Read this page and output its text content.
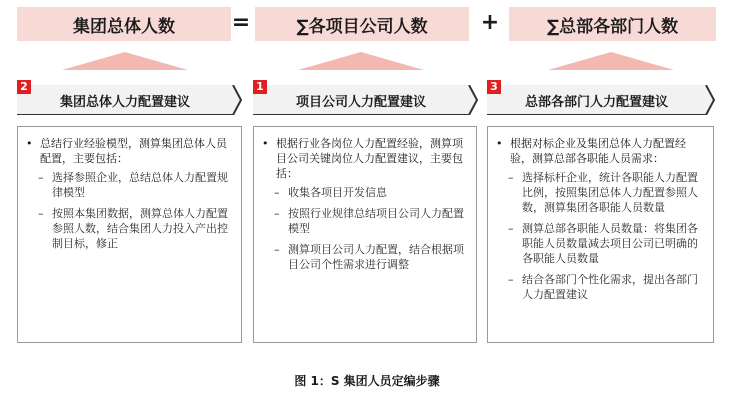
集团总体人数	=	∑各项目公司人数 +	∑总部各部门人数
集团总体人力配置建议
2
• 总结行业经验模型，测算集团总体人员配置，主要包括：
– 选择参照企业，总结总体人力配置规律模型
– 按照本集团数据，测算总体人力配置参照人数，结合集团人力投入产出控制目标，修正
项目公司人力配置建议
1
• 根据行业各岗位人力配置经验，测算项目公司关键岗位人力配置建议，主要包括：
– 收集各项目开发信息
– 按照行业规律总结项目公司人力配置模型
– 测算项目公司人力配置，结合根据项目公司个性需求进行调整
总部各部门人力配置建议
3
• 根据对标企业及集团总体人力配置经验，测算总部各职能人员需求：
– 选择标杆企业，统计各职能人力配置比例，按照集团总体人力配置参照人数，测算集团各职能人员数量
– 测算总部各职能人员数量：将集团各职能人员数量减去项目公司已明确的各职能人员数量
– 结合各部门个性化需求，提出各部门人力配置建议
图 1：S 集团人员定编步骤
